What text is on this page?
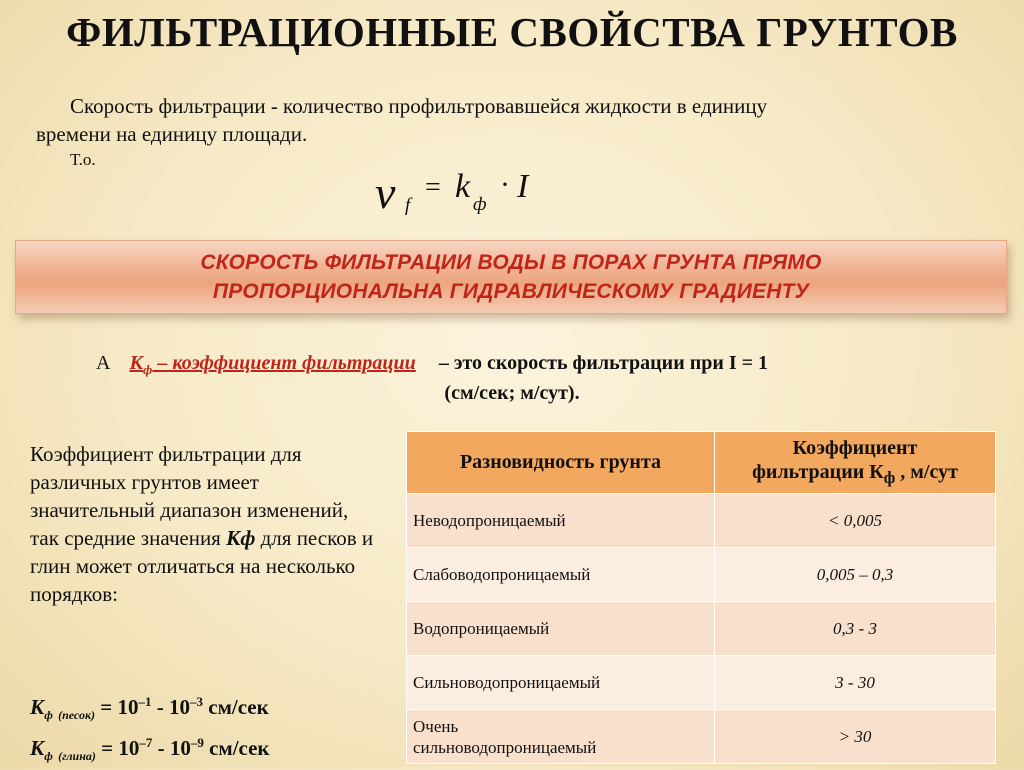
ФИЛЬТРАЦИОННЫЕ СВОЙСТВА ГРУНТОВ

Скорость фильтрации - количество профильтровавшейся жидкости в единицу
времени на единицу площади.

Т.о.

v f
= k ф
· I
СКОРОСТЬ ФИЛЬТРАЦИИ ВОДЫ В ПОРАХ ГРУНТА ПРЯМО
ПРОПОРЦИОНАЛЬНА ГИДРАВЛИЧЕСКОМУ ГРАДИЕНТУ

А $К_ф$ – коэффициент фильтрации – это скорость фильтрации при I = 1

(см/сек; м/сут).

Коэффициент фильтрации для различных грунтов имеет значительный диапазон изменений, так средние значения Кф для песков и глин может отличаться на несколько порядков:

$К_ф$ $_{(песок)} = 10^{-1} - 10^{-3}$ см/сек
$К_ф$ $_{(глина)} = 10^{-7} - 10^{-9}$ см/сек
Разновидность грунта	Коэффициент
фильтрации $К_ф$ , м/сут
Неводопроницаемый	< 0,005
Слабоводопроницаемый	0,005 – 0,3
Водопроницаемый	0,3 - 3
Сильноводопроницаемый	3 - 30
Очень
сильноводопроницаемый	> 30
